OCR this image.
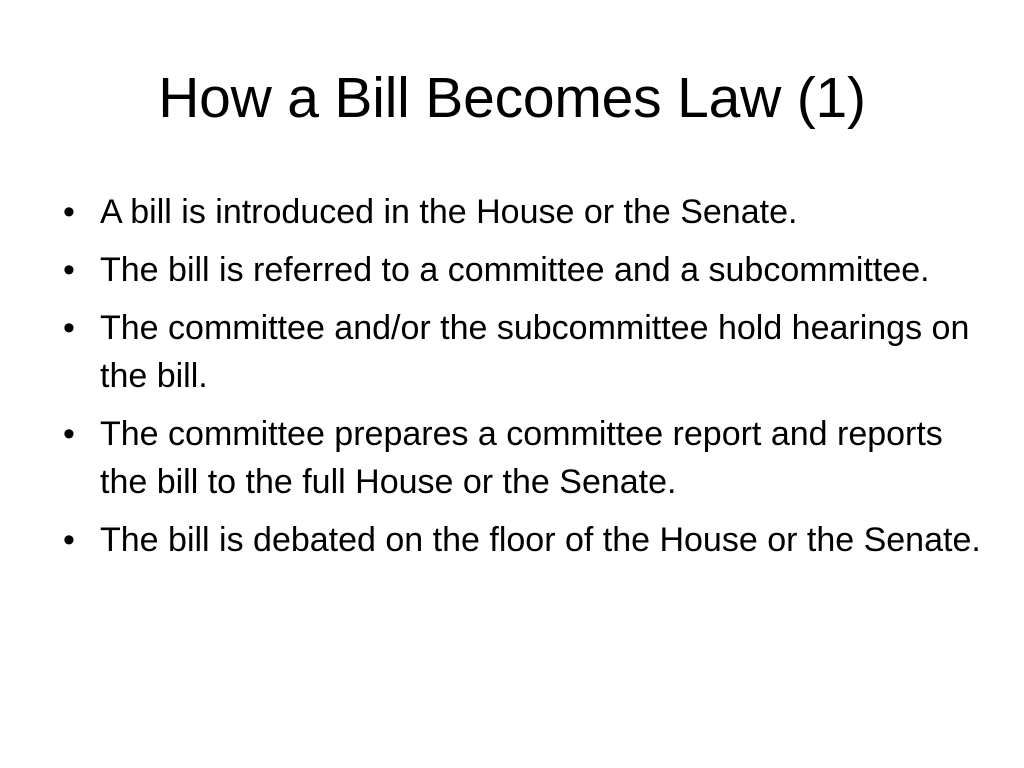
How a Bill Becomes Law (1)
• A bill is introduced in the House or the Senate.
• The bill is referred to a committee and a subcommittee.
• The committee and/or the subcommittee hold hearings on the bill.
• The committee prepares a committee report and reports the bill to the full House or the Senate.
• The bill is debated on the floor of the House or the Senate.
